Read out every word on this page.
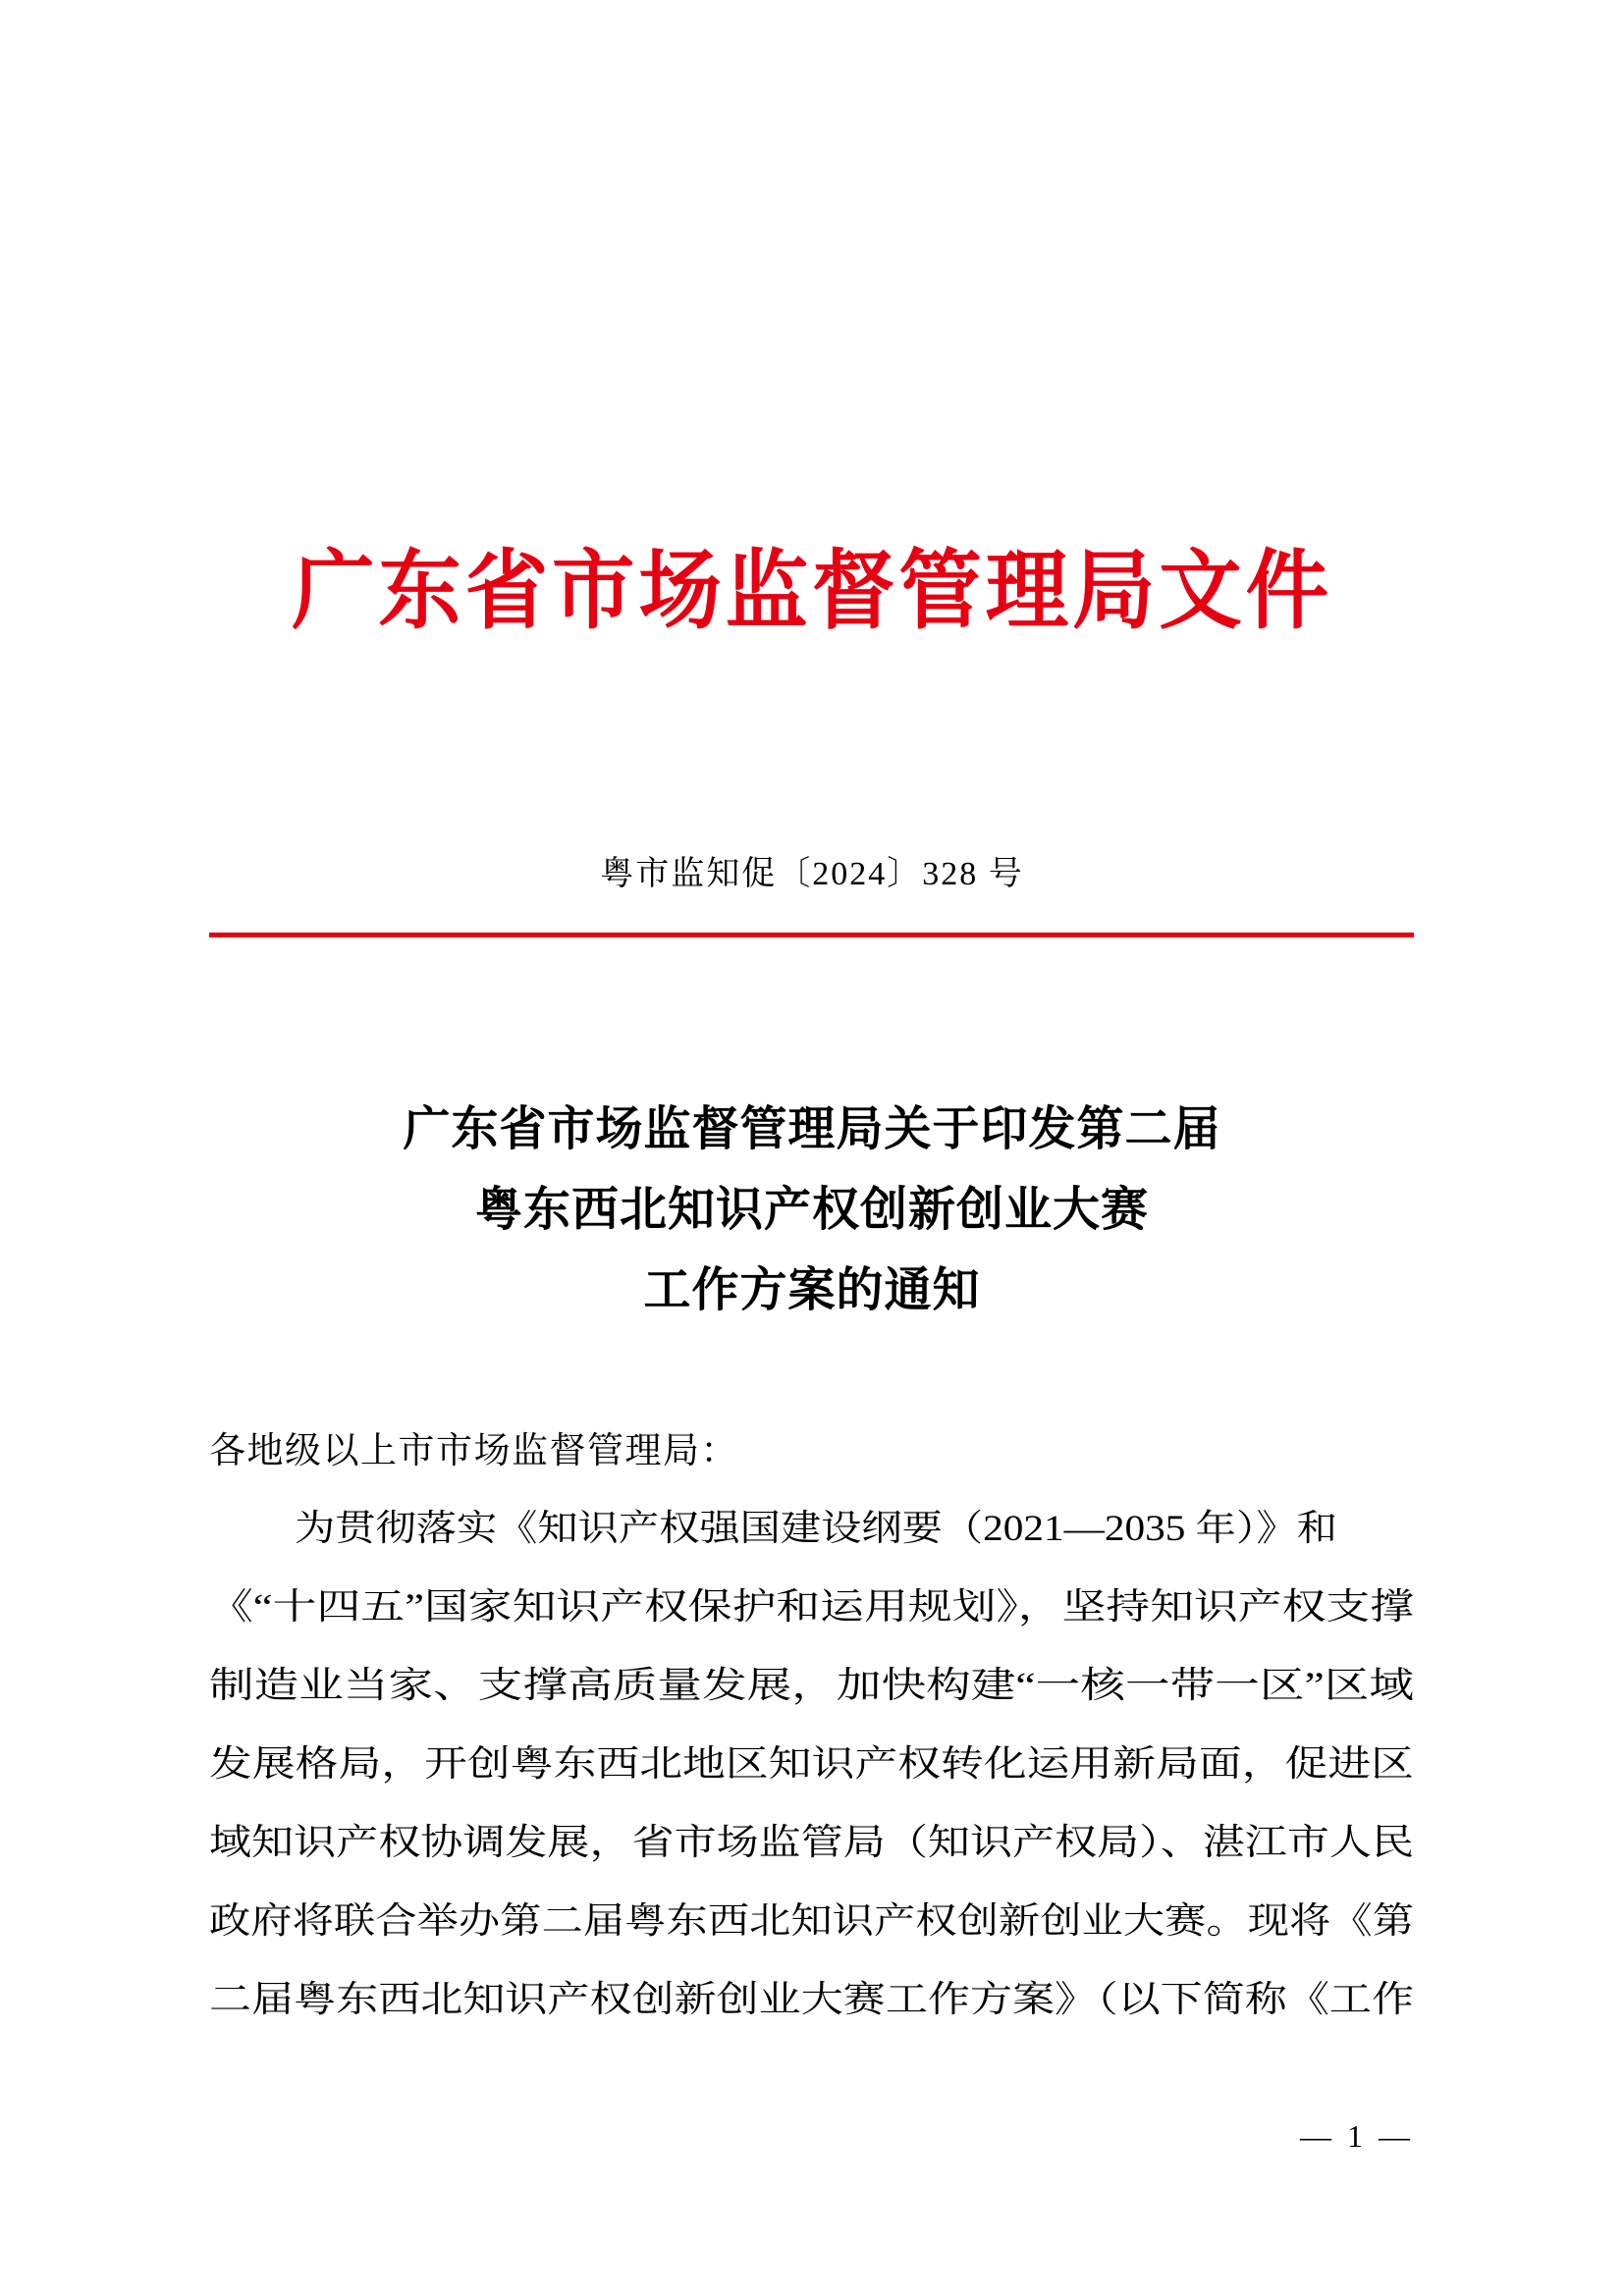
广东省市场监督管理局文件
粤市监知促〔2024〕328 号
广东省市场监督管理局关于印发第二届
粤东西北知识产权创新创业大赛
工作方案的通知
各地级以上市市场监督管理局：
为贯彻落实《知识产权强国建设纲要（2021—2035 年）》和 《“十四五”国家知识产权保护和运用规划》，坚持知识产权支撑 制造业当家、支撑高质量发展，加快构建“一核一带一区”区域 发展格局，开创粤东西北地区知识产权转化运用新局面，促进区 域知识产权协调发展，省市场监管局（知识产权局）、湛江市人民 政府将联合举办第二届粤东西北知识产权创新创业大赛。现将《第 二届粤东西北知识产权创新创业大赛工作方案》（以下简称《工作
— 1 —
